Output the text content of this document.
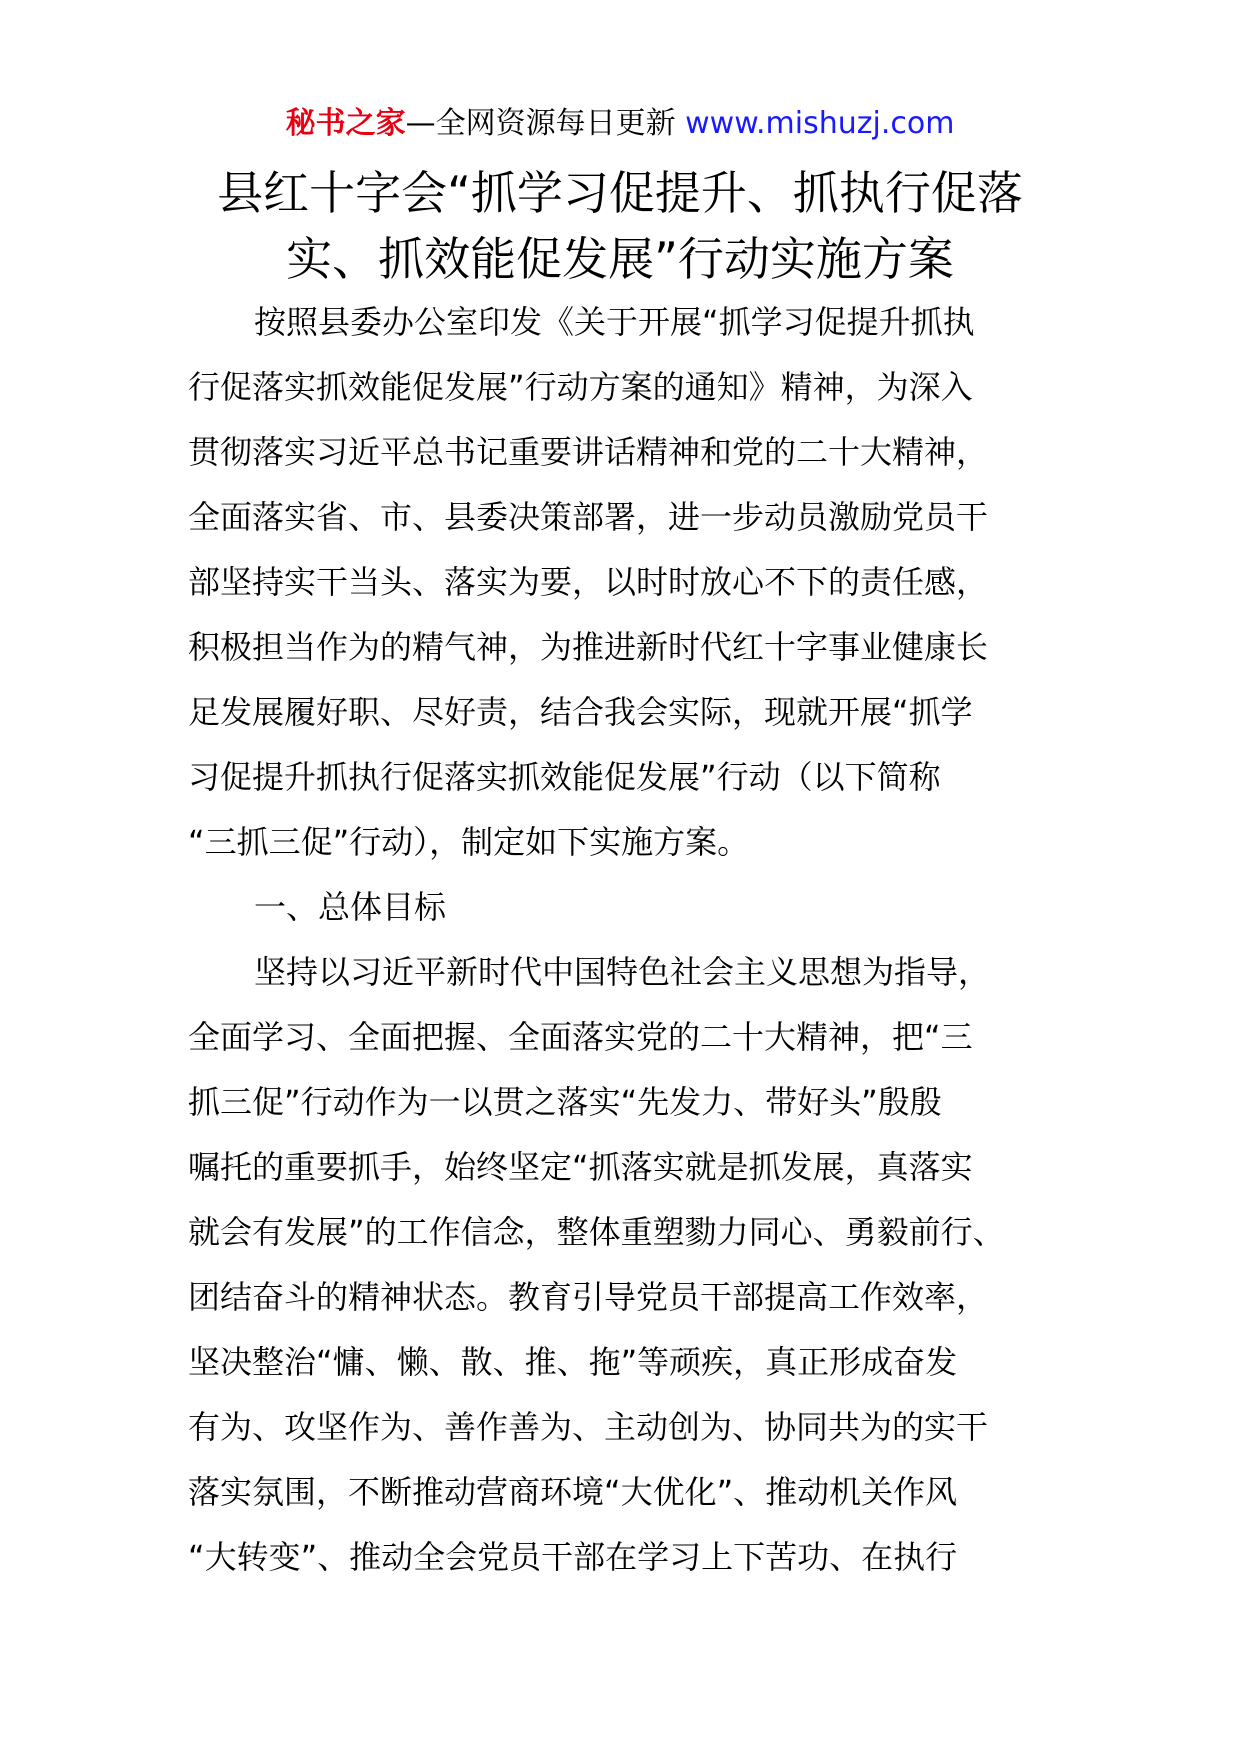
秘书之家—全网资源每日更新 www.mishuzj.com
县红十字会“抓学习促提升、抓执行促落
实、抓效能促发展”行动实施方案
按照县委办公室印发《关于开展“抓学习促提升抓执
行促落实抓效能促发展”行动方案的通知》精神，为深入
贯彻落实习近平总书记重要讲话精神和党的二十大精神，
全面落实省、市、县委决策部署，进一步动员激励党员干
部坚持实干当头、落实为要，以时时放心不下的责任感，
积极担当作为的精气神，为推进新时代红十字事业健康长
足发展履好职、尽好责，结合我会实际，现就开展“抓学
习促提升抓执行促落实抓效能促发展”行动（以下简称
“三抓三促”行动），制定如下实施方案。
一、总体目标
坚持以习近平新时代中国特色社会主义思想为指导，
全面学习、全面把握、全面落实党的二十大精神，把“三
抓三促”行动作为一以贯之落实“先发力、带好头”殷殷
嘱托的重要抓手，始终坚定“抓落实就是抓发展，真落实
就会有发展”的工作信念，整体重塑勠力同心、勇毅前行、
团结奋斗的精神状态。教育引导党员干部提高工作效率，
坚决整治“慵、懒、散、推、拖”等顽疾，真正形成奋发
有为、攻坚作为、善作善为、主动创为、协同共为的实干
落实氛围，不断推动营商环境“大优化”、推动机关作风
“大转变”、推动全会党员干部在学习上下苦功、在执行
